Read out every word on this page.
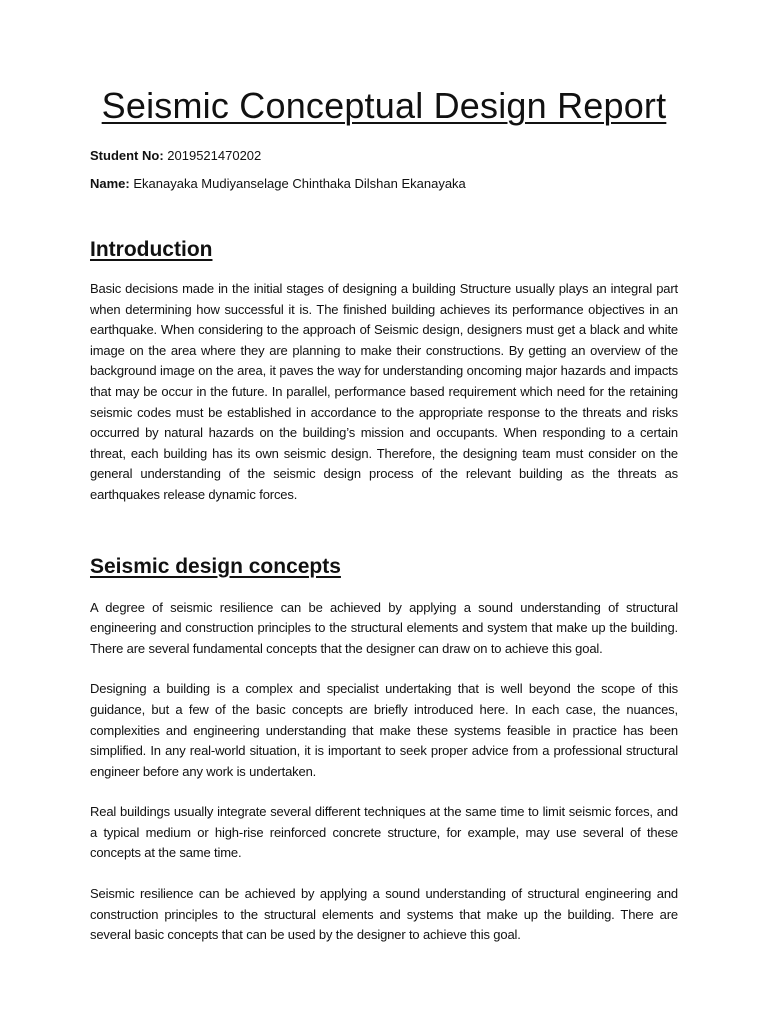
Seismic Conceptual Design Report

Student No: 2019521470202

Name: Ekanayaka Mudiyanselage Chinthaka Dilshan Ekanayaka

Introduction

Basic decisions made in the initial stages of designing a building Structure usually plays an integral part when determining how successful it is. The finished building achieves its performance objectives in an earthquake. When considering to the approach of Seismic design, designers must get a black and white image on the area where they are planning to make their constructions. By getting an overview of the background image on the area, it paves the way for understanding oncoming major hazards and impacts that may be occur in the future. In parallel, performance based requirement which need for the retaining seismic codes must be established in accordance to the appropriate response to the threats and risks occurred by natural hazards on the building’s mission and occupants. When responding to a certain threat, each building has its own seismic design. Therefore, the designing team must consider on the general understanding of the seismic design process of the relevant building as the threats as earthquakes release dynamic forces.

Seismic design concepts

A degree of seismic resilience can be achieved by applying a sound understanding of structural engineering and construction principles to the structural elements and system that make up the building. There are several fundamental concepts that the designer can draw on to achieve this goal.

Designing a building is a complex and specialist undertaking that is well beyond the scope of this guidance, but a few of the basic concepts are briefly introduced here. In each case, the nuances, complexities and engineering understanding that make these systems feasible in practice has been simplified. In any real-world situation, it is important to seek proper advice from a professional structural engineer before any work is undertaken.

Real buildings usually integrate several different techniques at the same time to limit seismic forces, and a typical medium or high-rise reinforced concrete structure, for example, may use several of these concepts at the same time.

Seismic resilience can be achieved by applying a sound understanding of structural engineering and construction principles to the structural elements and systems that make up the building. There are several basic concepts that can be used by the designer to achieve this goal.
